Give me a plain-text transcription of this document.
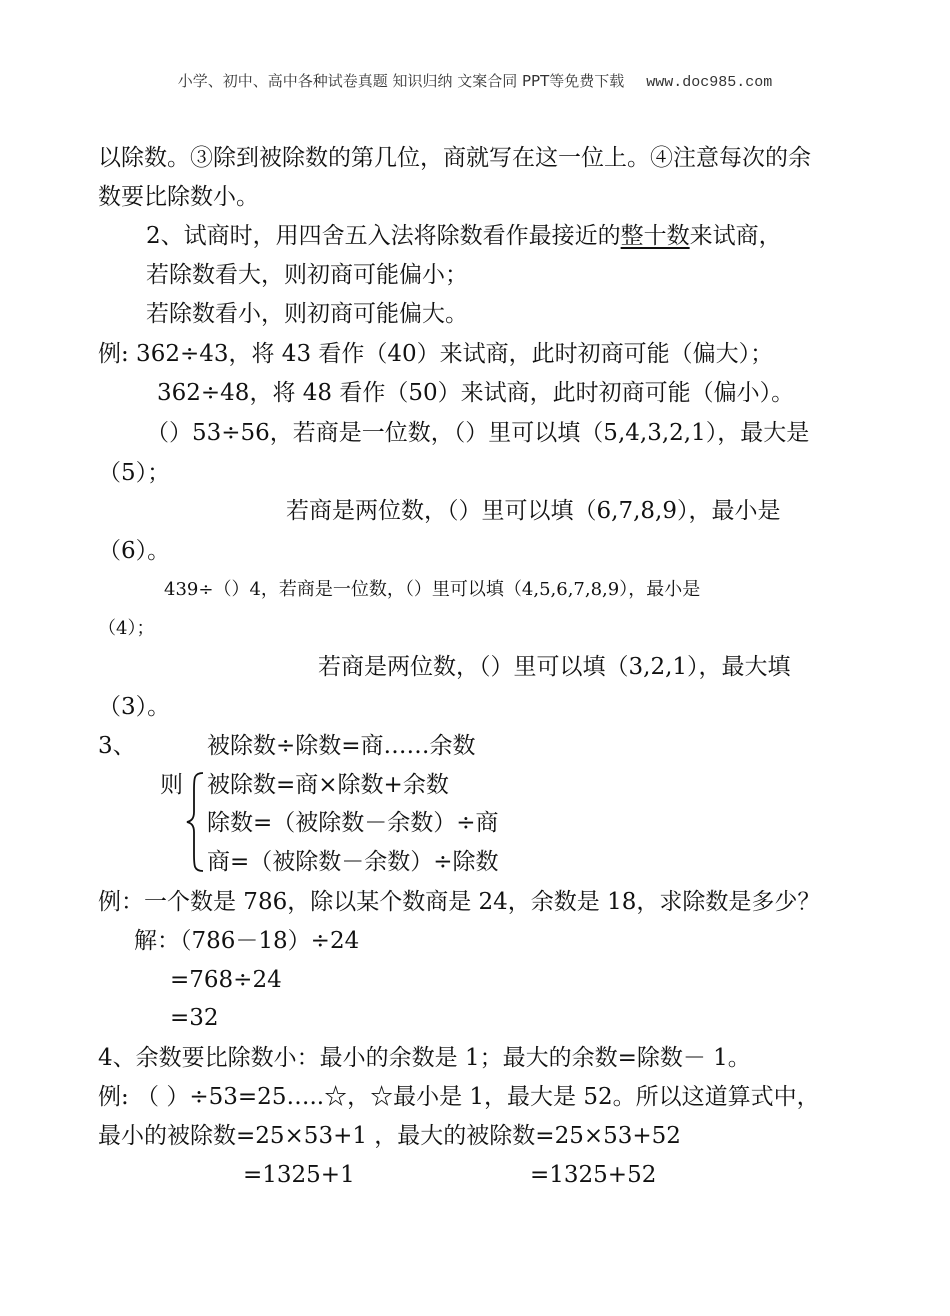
小学、初中、高中各种试卷真题 知识归纳 文案合同 PPT等免费下载 www.doc985.com
以除数。③除到被除数的第几位，商就写在这一位上。④注意每次的余
数要比除数小。
2、试商时，用四舍五入法将除数看作最接近的整十数来试商，
若除数看大，则初商可能偏小；
若除数看小，则初商可能偏大。
例: 362÷43，将 43 看作（40）来试商，此时初商可能（偏大）；
362÷48，将 48 看作（50）来试商，此时初商可能（偏小）。
（）53÷56，若商是一位数，（）里可以填（5,4,3,2,1），最大是
（5）；
若商是两位数，（）里可以填（6,7,8,9），最小是
（6）。
439÷（）4，若商是一位数，（）里可以填（4,5,6,7,8,9），最小是
（4）；
若商是两位数，（）里可以填（3,2,1），最大填
（3）。
3、	被除数÷除数=商……余数
则 被除数=商×除数+余数
除数=（被除数－余数）÷商
商=（被除数－余数）÷除数
例：一个数是 786，除以某个数商是 24，余数是 18，求除数是多少？
解：（786－18）÷24
=768÷24
=32
4、余数要比除数小：最小的余数是 1；最大的余数=除数－ 1。
例: （ ）÷53=25…..☆，☆最小是 1，最大是 52。所以这道算式中，
最小的被除数=25×53+1 ，最大的被除数=25×53+52
=1325+1	=1325+52
